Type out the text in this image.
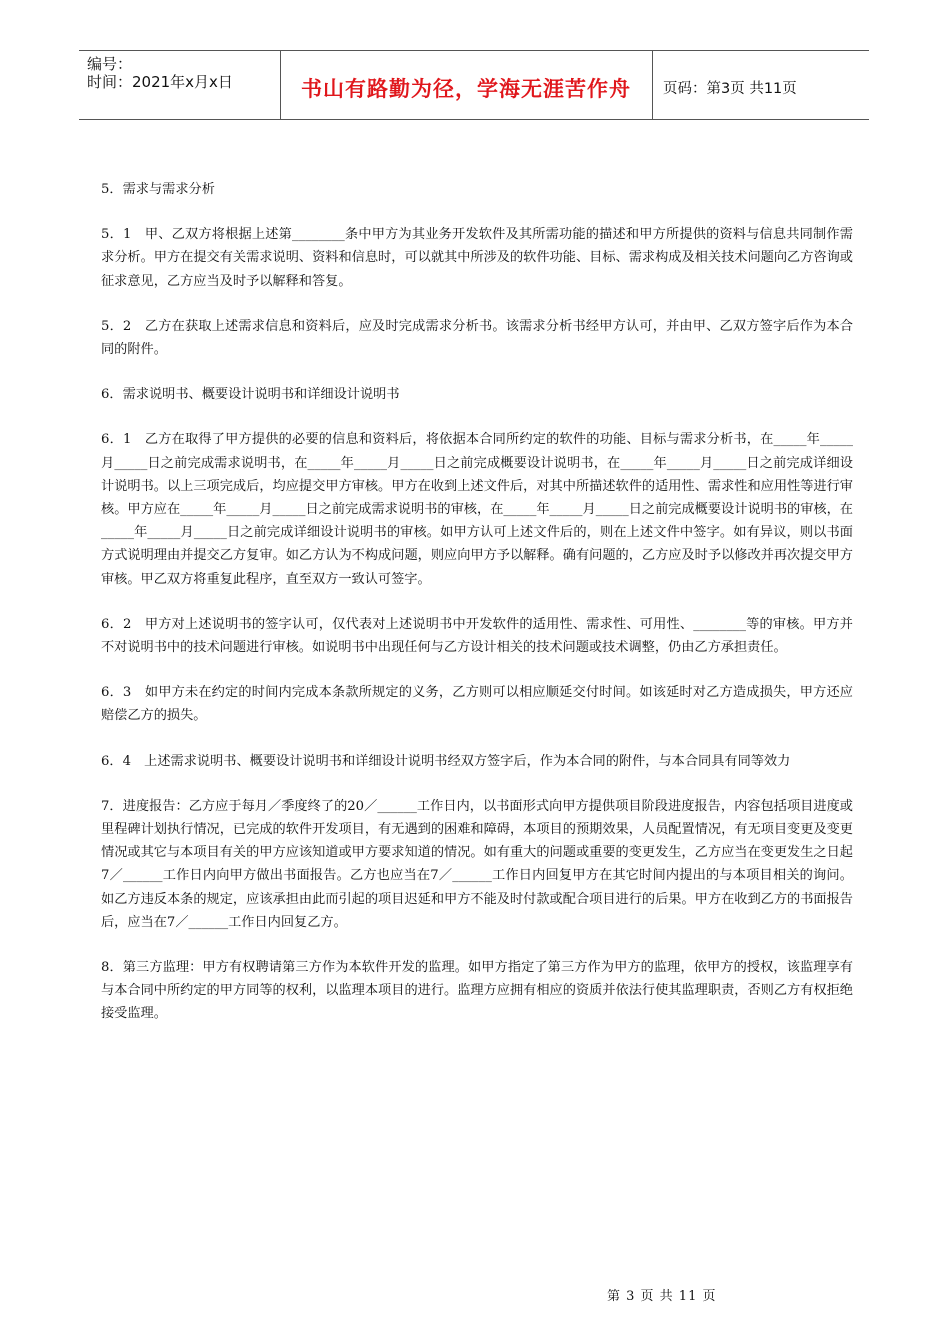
编号：
时间：2021年x月x日	书山有路勤为径，学海无涯苦作舟	页码：第3页 共11页

5．需求与需求分析

5．1　甲、乙双方将根据上述第________条中甲方为其业务开发软件及其所需功能的描述和甲方所提供的资料与信息共同制作需求分析。甲方在提交有关需求说明、资料和信息时，可以就其中所涉及的软件功能、目标、需求构成及相关技术问题向乙方咨询或征求意见，乙方应当及时予以解释和答复。

5．2　乙方在获取上述需求信息和资料后，应及时完成需求分析书。该需求分析书经甲方认可，并由甲、乙双方签字后作为本合同的附件。

6．需求说明书、概要设计说明书和详细设计说明书

6．1　乙方在取得了甲方提供的必要的信息和资料后，将依据本合同所约定的软件的功能、目标与需求分析书，在_____年_____月_____日之前完成需求说明书，在_____年_____月_____日之前完成概要设计说明书，在_____年_____月_____日之前完成详细设计说明书。以上三项完成后，均应提交甲方审核。甲方在收到上述文件后，对其中所描述软件的适用性、需求性和应用性等进行审核。甲方应在_____年_____月_____日之前完成需求说明书的审核，在_____年_____月_____日之前完成概要设计说明书的审核，在_____年_____月_____日之前完成详细设计说明书的审核。如甲方认可上述文件后的，则在上述文件中签字。如有异议，则以书面方式说明理由并提交乙方复审。如乙方认为不构成问题，则应向甲方予以解释。确有问题的，乙方应及时予以修改并再次提交甲方审核。甲乙双方将重复此程序，直至双方一致认可签字。

6．2　甲方对上述说明书的签字认可，仅代表对上述说明书中开发软件的适用性、需求性、可用性、________等的审核。甲方并不对说明书中的技术问题进行审核。如说明书中出现任何与乙方设计相关的技术问题或技术调整，仍由乙方承担责任。

6．3　如甲方未在约定的时间内完成本条款所规定的义务，乙方则可以相应顺延交付时间。如该延时对乙方造成损失，甲方还应赔偿乙方的损失。

6．4　上述需求说明书、概要设计说明书和详细设计说明书经双方签字后，作为本合同的附件，与本合同具有同等效力

7．进度报告：乙方应于每月／季度终了的20／______工作日内，以书面形式向甲方提供项目阶段进度报告，内容包括项目进度或里程碑计划执行情况，已完成的软件开发项目，有无遇到的困难和障碍，本项目的预期效果，人员配置情况，有无项目变更及变更情况或其它与本项目有关的甲方应该知道或甲方要求知道的情况。如有重大的问题或重要的变更发生，乙方应当在变更发生之日起7／______工作日内向甲方做出书面报告。乙方也应当在7／______工作日内回复甲方在其它时间内提出的与本项目相关的询问。如乙方违反本条的规定，应该承担由此而引起的项目迟延和甲方不能及时付款或配合项目进行的后果。甲方在收到乙方的书面报告后，应当在7／______工作日内回复乙方。

8．第三方监理：甲方有权聘请第三方作为本软件开发的监理。如甲方指定了第三方作为甲方的监理，依甲方的授权，该监理享有与本合同中所约定的甲方同等的权利，以监理本项目的进行。监理方应拥有相应的资质并依法行使其监理职责，否则乙方有权拒绝接受监理。

第 3 页 共 11 页
